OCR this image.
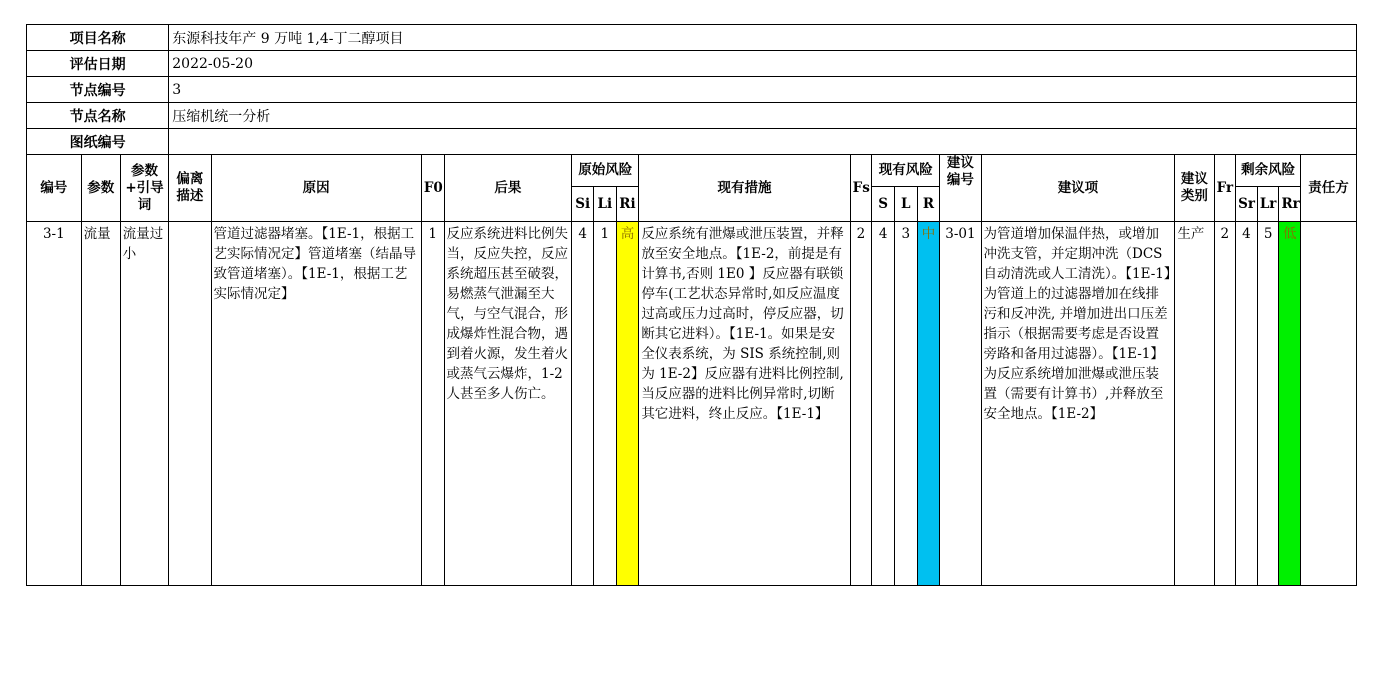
项目名称			东源科技年产 9 万吨 1,4-丁二醇项目																			
评估日期			2022-05-20																			
节点编号			3																			
节点名称			压缩机统一分析																			
图纸编号																						
编号	参数	参数+引导词	偏离描述	原因	F0	后果	原始风险			现有措施	Fs	现有风险			建议编号	建议项	建议类别	Fr	剩余风险			责任方
							Si	Li	Ri			S	L	R					Sr	Lr	Rr	
3-1	流量	流量过小		管道过滤器堵塞。【1E-1，根据工艺实际情况定】管道堵塞（结晶导致管道堵塞）。【1E-1，根据工艺实际情况定】	1	反应系统进料比例失当，反应失控，反应系统超压甚至破裂，易燃蒸气泄漏至大气，与空气混合，形成爆炸性混合物，遇到着火源，发生着火或蒸气云爆炸，1-2 人甚至多人伤亡。	4	1	高	反应系统有泄爆或泄压装置，并释放至安全地点。【1E-2，前提是有计算书,否则 1E0 】反应器有联锁停车(工艺状态异常时,如反应温度过高或压力过高时，停反应器，切断其它进料）。【1E-1。如果是安全仪表系统，为 SIS 系统控制,则为 1E-2】反应器有进料比例控制,当反应器的进料比例异常时,切断其它进料，终止反应。【1E-1】	2	4	3	中	3-01	为管道增加保温伴热，或增加冲洗支管，并定期冲洗（DCS 自动清洗或人工清洗）。【1E-1】为管道上的过滤器增加在线排污和反冲洗, 并增加进出口压差指示（根据需要考虑是否设置旁路和备用过滤器）。【1E-1】为反应系统增加泄爆或泄压装置（需要有计算书）,并释放至安全地点。【1E-2】	生产	2	4	5	低	
